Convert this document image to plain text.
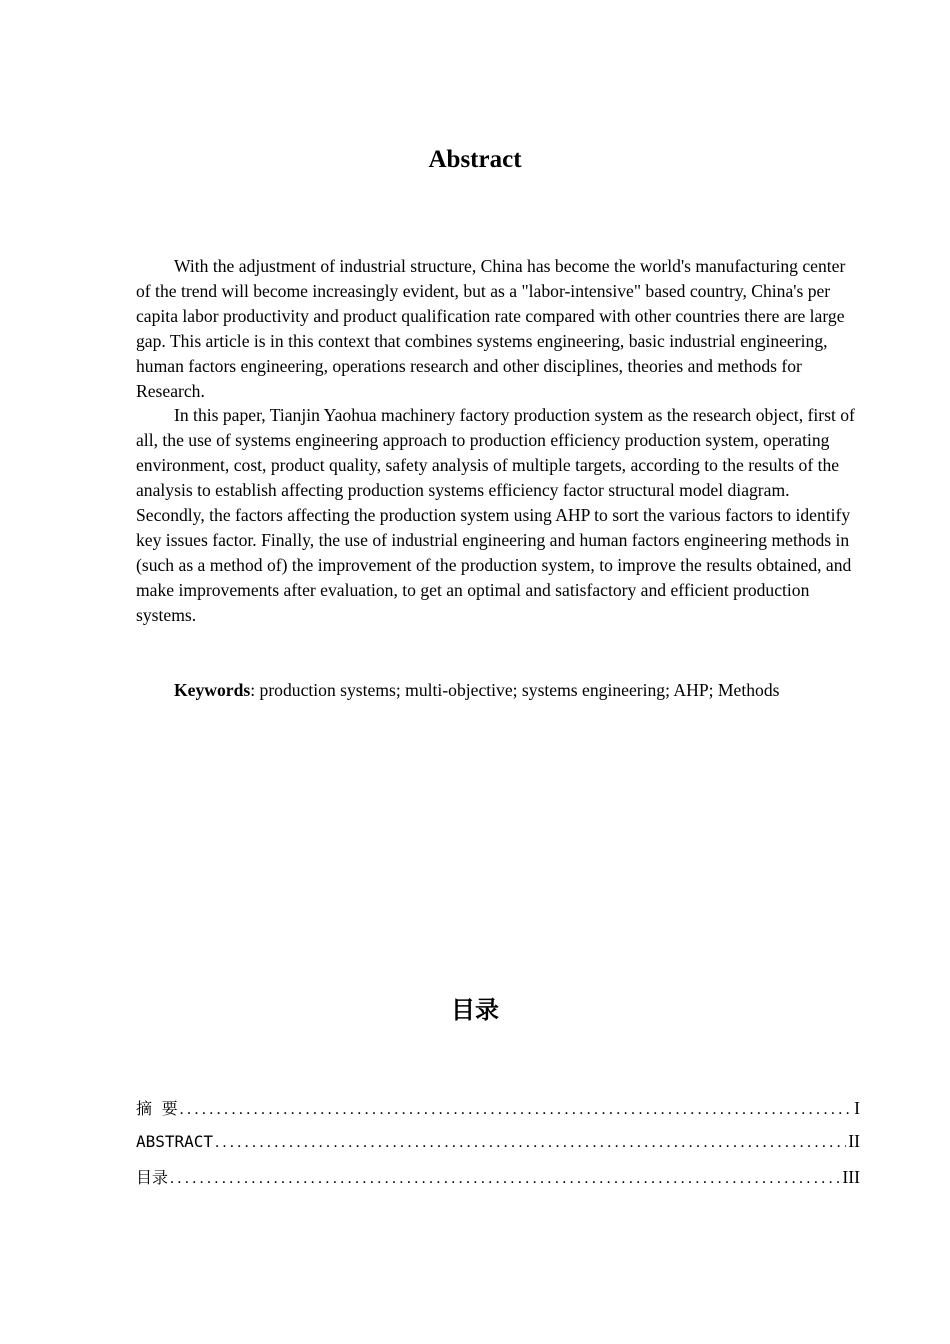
Abstract

With the adjustment of industrial structure, China has become the world's manufacturing center of the trend will become increasingly evident, but as a "labor-intensive" based country, China's per capita labor productivity and product qualification rate compared with other countries there are large gap. This article is in this context that combines systems engineering, basic industrial engineering, human factors engineering, operations research and other disciplines, theories and methods for Research.

In this paper, Tianjin Yaohua machinery factory production system as the research object, first of all, the use of systems engineering approach to production efficiency production system, operating environment, cost, product quality, safety analysis of multiple targets, according to the results of the analysis to establish affecting production systems efficiency factor structural model diagram. Secondly, the factors affecting the production system using AHP to sort the various factors to identify key issues factor. Finally, the use of industrial engineering and human factors engineering methods in (such as a method of) the improvement of the production system, to improve the results obtained, and make improvements after evaluation, to get an optimal and satisfactory and efficient production systems.

Keywords: production systems; multi-objective; systems engineering; AHP; Methods
目录
摘 要 .....	I
ABSTRACT .....	II
目录 .....	III
